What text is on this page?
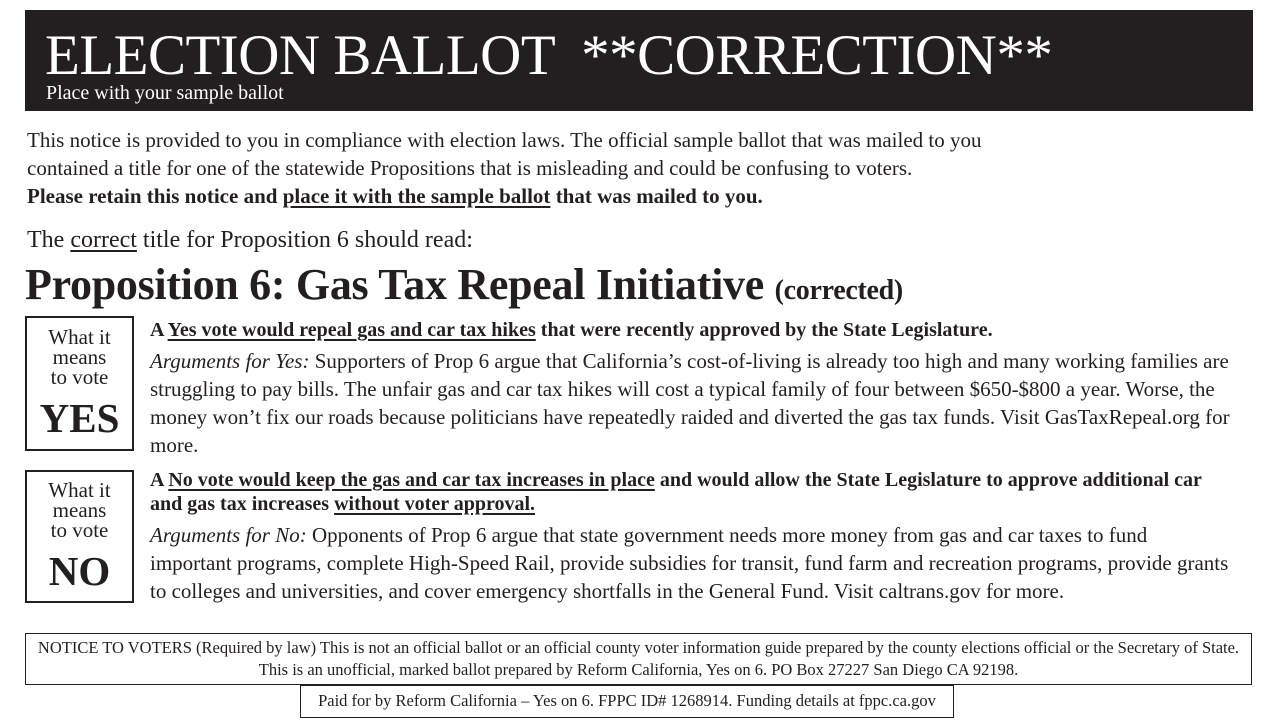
ELECTION BALLOT **CORRECTION**
Place with your sample ballot
This notice is provided to you in compliance with election laws. The official sample ballot that was mailed to you contained a title for one of the statewide Propositions that is misleading and could be confusing to voters.
Please retain this notice and place it with the sample ballot that was mailed to you.
The correct title for Proposition 6 should read:
Proposition 6: Gas Tax Repeal Initiative (corrected)
What it
means
to vote
YES
A Yes vote would repeal gas and car tax hikes that were recently approved by the State Legislature.
Arguments for Yes: Supporters of Prop 6 argue that California’s cost-of-living is already too high and many working families are struggling to pay bills. The unfair gas and car tax hikes will cost a typical family of four between $650-$800 a year. Worse, the money won’t fix our roads because politicians have repeatedly raided and diverted the gas tax funds. Visit GasTaxRepeal.org for more.
What it
means
to vote
NO
A No vote would keep the gas and car tax increases in place and would allow the State Legislature to approve additional car and gas tax increases without voter approval.
Arguments for No: Opponents of Prop 6 argue that state government needs more money from gas and car taxes to fund important programs, complete High-Speed Rail, provide subsidies for transit, fund farm and recreation programs, provide grants to colleges and universities, and cover emergency shortfalls in the General Fund. Visit caltrans.gov for more.
NOTICE TO VOTERS (Required by law) This is not an official ballot or an official county voter information guide prepared by the county elections official or the Secretary of State.
This is an unofficial, marked ballot prepared by Reform California, Yes on 6. PO Box 27227 San Diego CA 92198.
Paid for by Reform California – Yes on 6. FPPC ID# 1268914. Funding details at fppc.ca.gov
